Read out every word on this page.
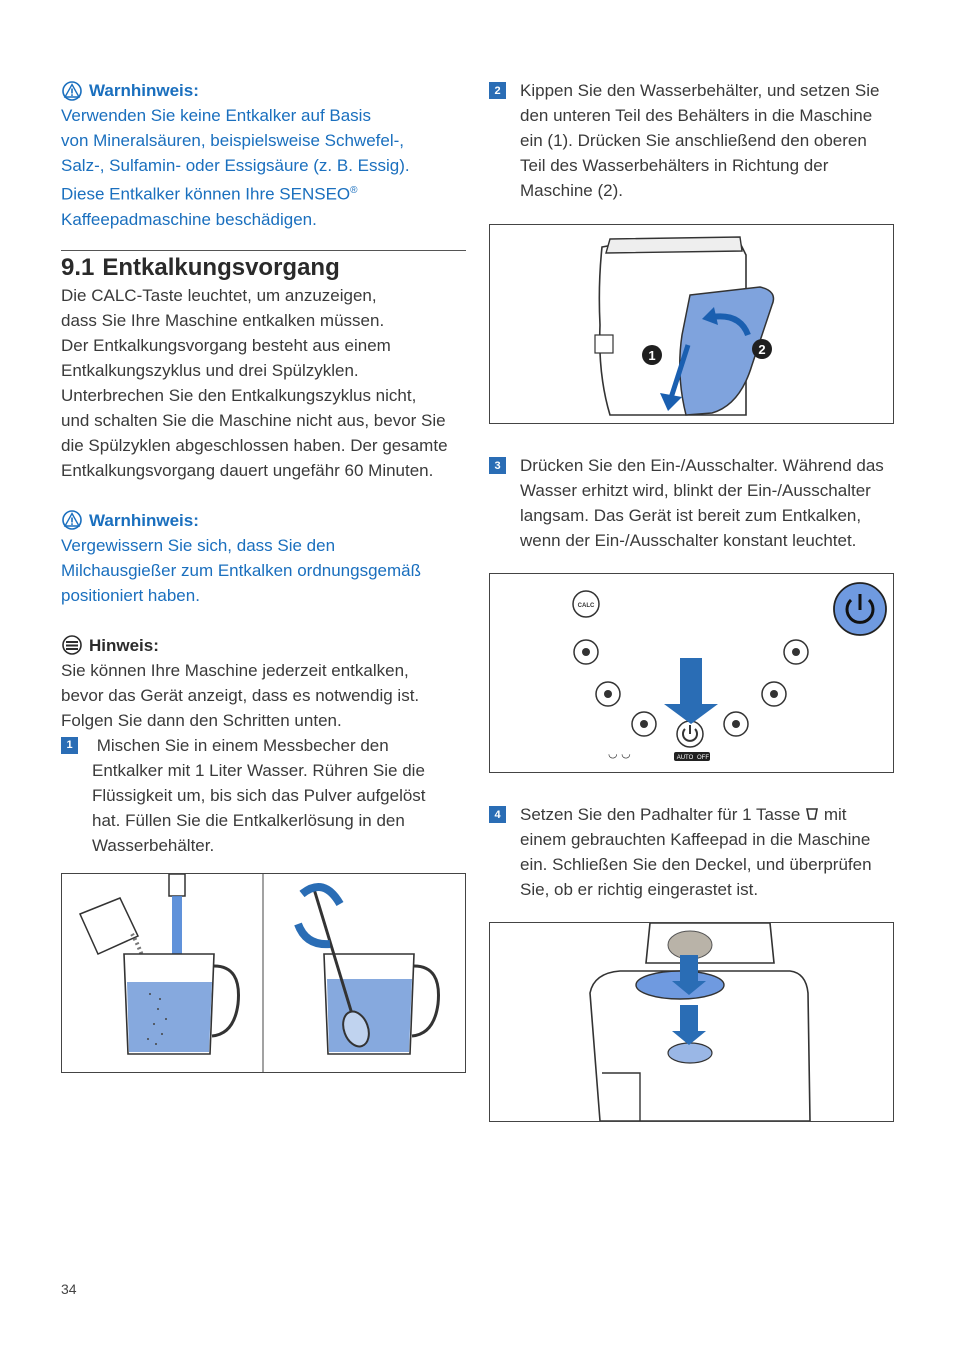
Warnhinweis:

Verwenden Sie keine Entkalker auf Basis

von Mineralsäuren, beispielsweise Schwefel-,

Salz-, Sulfamin- oder Essigsäure (z. B. Essig).

Diese Entkalker können Ihre SENSEO®

Kaffeepadmaschine beschädigen.

9.1 Entkalkungsvorgang

Die CALC-Taste leuchtet, um anzuzeigen,

dass Sie Ihre Maschine entkalken müssen.

Der Entkalkungsvorgang besteht aus einem

Entkalkungszyklus und drei Spülzyklen.

Unterbrechen Sie den Entkalkungszyklus nicht,

und schalten Sie die Maschine nicht aus, bevor Sie

die Spülzyklen abgeschlossen haben. Der gesamte

Entkalkungsvorgang dauert ungefähr 60 Minuten.

Warnhinweis:

Vergewissern Sie sich, dass Sie den

Milchausgießer zum Entkalken ordnungsgemäß

positioniert haben.

Hinweis:

Sie können Ihre Maschine jederzeit entkalken,

bevor das Gerät anzeigt, dass es notwendig ist.

Folgen Sie dann den Schritten unten.

1	Mischen Sie in einem Messbecher den

Entkalker mit 1 Liter Wasser. Rühren Sie die

Flüssigkeit um, bis sich das Pulver aufgelöst

hat. Füllen Sie die Entkalkerlösung in den

Wasserbehälter.

2	Kippen Sie den Wasserbehälter, und setzen Sie

den unteren Teil des Behälters in die Maschine

ein (1). Drücken Sie anschließend den oberen

Teil des Wasserbehälters in Richtung der

Maschine (2).

1	2
3	Drücken Sie den Ein-/Ausschalter. Während das

Wasser erhitzt wird, blinkt der Ein-/Ausschalter

langsam. Das Gerät ist bereit zum Entkalken,

wenn der Ein-/Ausschalter konstant leuchtet.

CALC
◡ ◡	AUTO OFF
4	Setzen Sie den Padhalter für 1 Tasse mit

einem gebrauchten Kaffeepad in die Maschine

ein. Schließen Sie den Deckel, und überprüfen

Sie, ob er richtig eingerastet ist.

34
